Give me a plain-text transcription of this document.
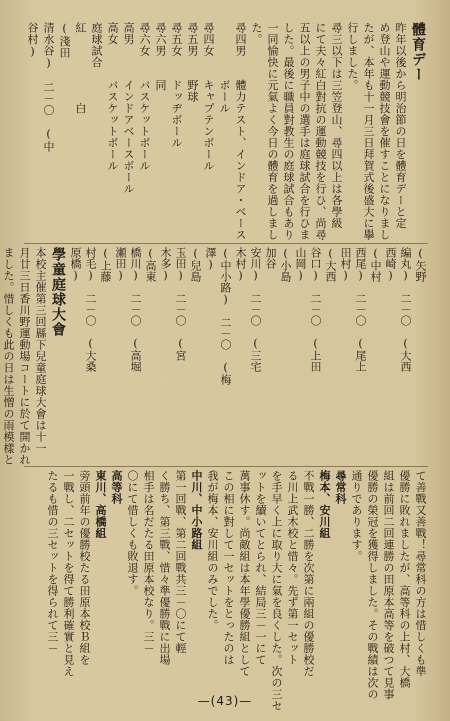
體育デー
昨年以後から明治節の日を體育デーと定
め登山や運動競技會を催すことになりまし
たが、本年も十一月三日拜賀式後盛大に擧
行しました。
尋三以下は三笠登山、尋四以上は各學級
にて夫々紅白對抗の運動競技を行ひ、尚尋
五以上の男子中の選手は庭球試合を行ひま
した。最後に職員對教生の庭球試合もあり
一同愉快に元氣よく今日の體育を過しまし
た。
尋四男　　體力テスト、インドア・ベース
　　　　　ボール
尋四女　　キャプテンボール
尋五男　　野球
尋五女　　ドッヂボール
尋六男　　同
尋六女　　バスケットボール
高男　　　インドアベースボール
高女　　　バスケットボール
庭球試合
紅　　　　　　白
(淺田
清水谷)　二－〇　(中
谷村)
(矢野
編丸)　二－〇　(大西
西崎)
(中村
西尾)　二－〇　(尾上
田村)
(大西
谷口)　二－〇　(上田
山岡)
(小島
加谷
安川)　二－〇　(三宅
木村)
(中小路)　二－〇　(梅
澤)
(兒島
玉田)　二－〇　(宮
木多)
(高東
橋川)　二－〇　(高堀
瀬田)
(上藤
村毛)　二－〇　(大桑
原橋)
學童庭球大會
本校主催第三回縣下兒童庭球大會は十一
月廿三日香川野運動場コートに於て開かれ
ました。惜しくも此の日は生憎の雨模樣と
て善戰又善戰！尋常科の方は惜しくも準
優勝に敗れましたが、高等科の上村、大橋
組は前回二回連勝の田原本高等を破つて見事
優勝の榮冠を獲得しました。その戰績は次の
通りであります。
尋常科
梅本、安川組
不戰一勝、二勝を次第に兩組の優勝校だ
る川上武木校と惜々。先ず第一セット
を手早く上に取り大に氣を良くした。次の三セ
ットを續いてとられ、結局三－一にて
萬事休す。尚敵組は本年學優勝組として
この相に對して一セットをとったのは
我が梅本、安川組のみでした。
中川、中小路組
第一回戰、第二回戰共三－〇にて輕
く勝ち、第三戰、惜々準優勝戰に出場
相手は名だたる田原本校なり。三－
〇にて惜しくも敗退す。
高等科
東川、高橋組
旁頭前年の優勝校たる田原本校Ｂ組を
一戰し、二セットを得て勝利確實と見え
たるも惜の三セットを得られて三－
—(43)—
